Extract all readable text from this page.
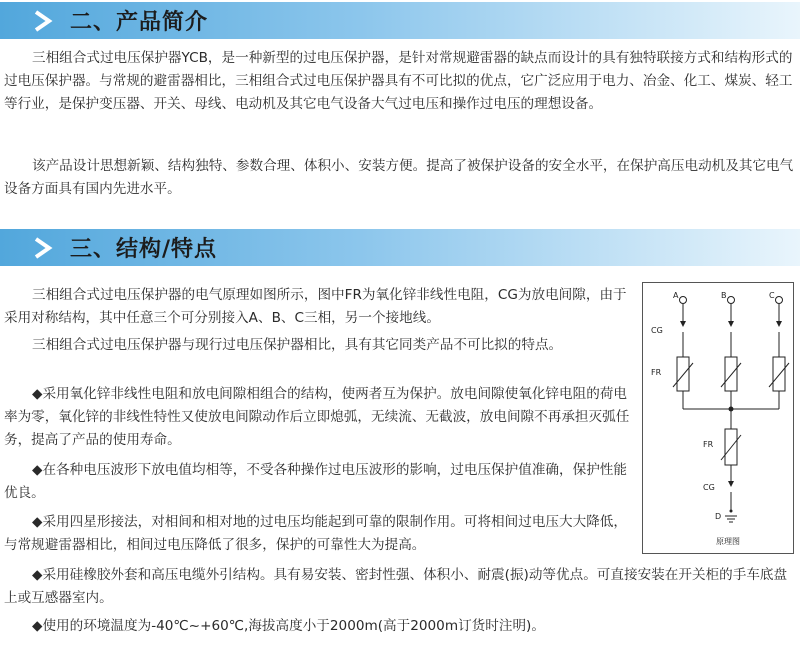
二、产品简介

三相组合式过电压保护器YCB，是一种新型的过电压保护器，是针对常规避雷器的缺点而设计的具有独特联接方式和结构形式的过电压保护器。与常规的避雷器相比，三相组合式过电压保护器具有不可比拟的优点，它广泛应用于电力、冶金、化工、煤炭、轻工等行业，是保护变压器、开关、母线、电动机及其它电气设备大气过电压和操作过电压的理想设备。

该产品设计思想新颖、结构独特、参数合理、体积小、安装方便。提高了被保护设备的安全水平，在保护高压电动机及其它电气设备方面具有国内先进水平。

三、结构/特点

三相组合式过电压保护器的电气原理如图所示，图中FR为氧化锌非线性电阻，CG为放电间隙，由于采用对称结构，其中任意三个可分别接入A、B、C三相，另一个接地线。

三相组合式过电压保护器与现行过电压保护器相比，具有其它同类产品不可比拟的特点。

◆采用氧化锌非线性电阻和放电间隙相组合的结构，使两者互为保护。放电间隙使氧化锌电阻的荷电率为零，氧化锌的非线性特性又使放电间隙动作后立即熄弧，无续流、无截波，放电间隙不再承担灭弧任务，提高了产品的使用寿命。

◆在各种电压波形下放电值均相等，不受各种操作过电压波形的影响，过电压保护值准确，保护性能优良。

◆采用四星形接法，对相间和相对地的过电压均能起到可靠的限制作用。可将相间过电压大大降低，与常规避雷器相比，相间过电压降低了很多，保护的可靠性大为提高。

◆采用硅橡胶外套和高压电缆外引结构。具有易安装、密封性强、体积小、耐震(振)动等优点。可直接安装在开关柜的手车底盘上或互感器室内。

◆使用的环境温度为-40℃~+60℃,海拔高度小于2000m(高于2000m订货时注明)。

A	B	C
CG
FR
FR
CG
D
原理图
